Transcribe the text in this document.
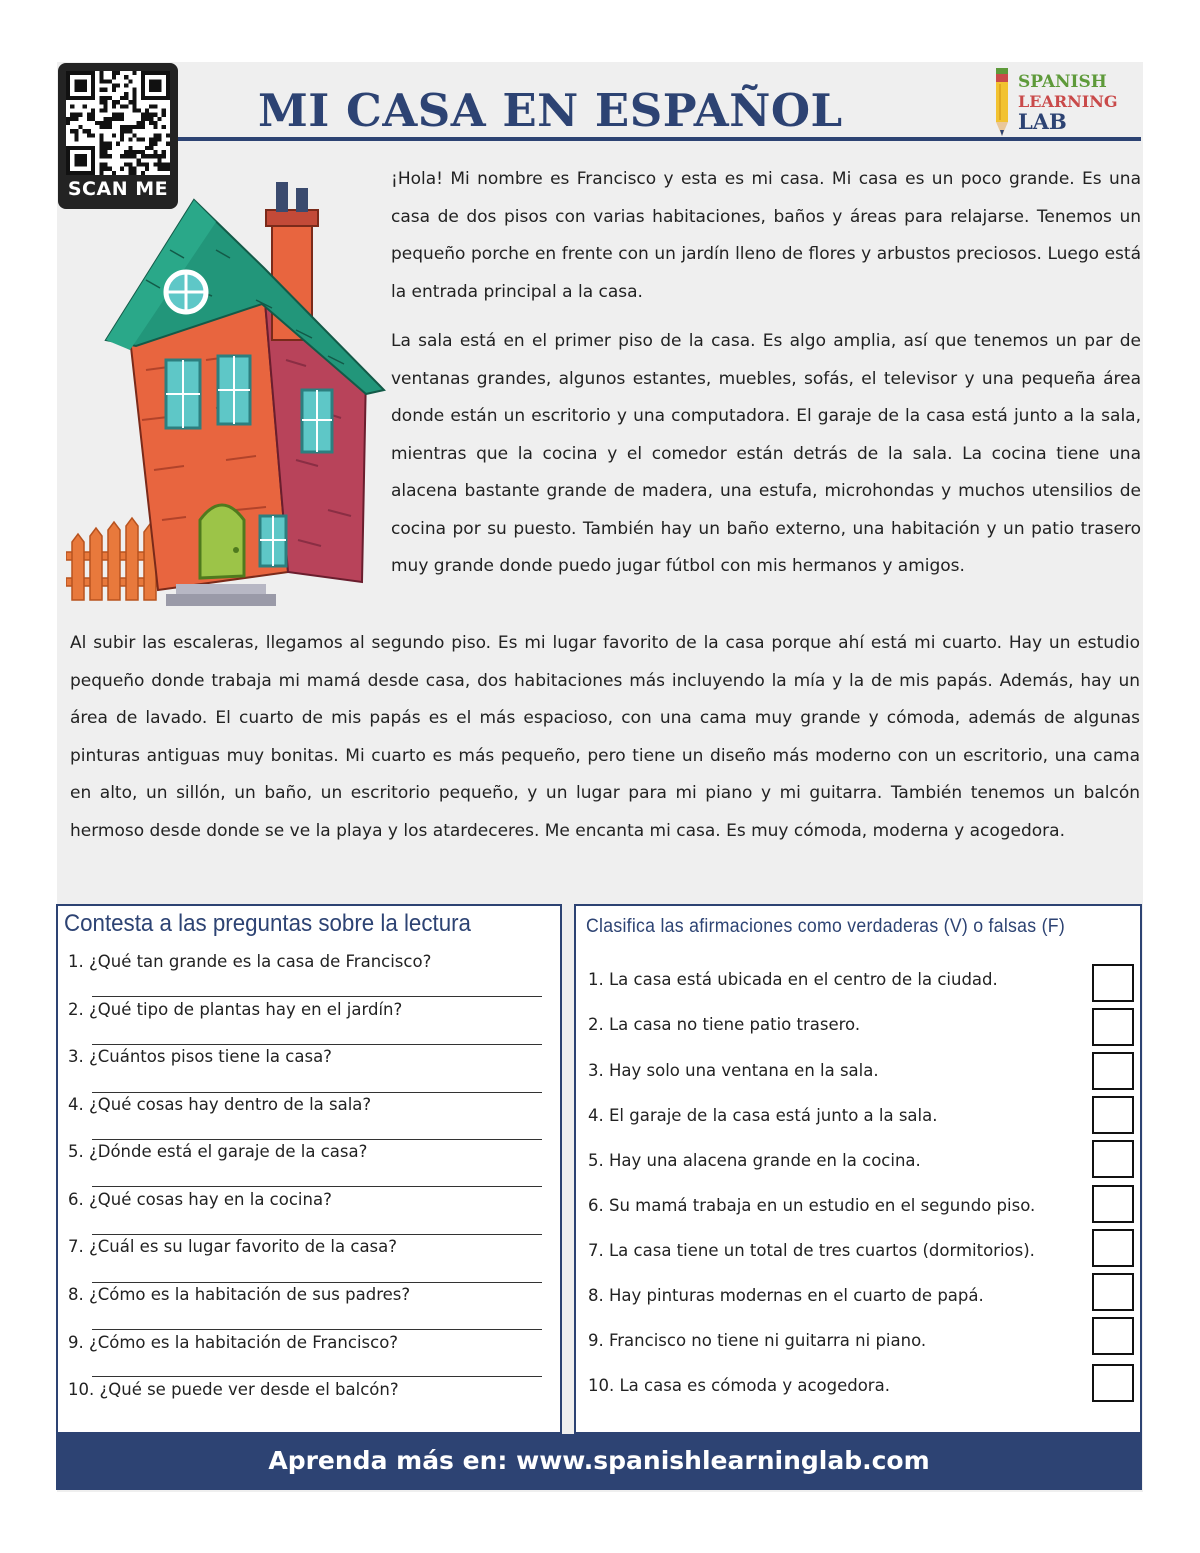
SCAN ME
MI CASA EN ESPAÑOL
SPANISH
LEARNING
LAB

¡Hola! Mi nombre es Francisco y esta es mi casa. Mi casa es un poco grande. Es una casa de dos pisos con varias habitaciones, baños y áreas para relajarse. Tenemos un pequeño porche en frente con un jardín lleno de flores y arbustos preciosos. Luego está la entrada principal a la casa.

La sala está en el primer piso de la casa. Es algo amplia, así que tenemos un par de ventanas grandes, algunos estantes, muebles, sofás, el televisor y una pequeña área donde están un escritorio y una computadora. El garaje de la casa está junto a la sala, mientras que la cocina y el comedor están detrás de la sala. La cocina tiene una alacena bastante grande de madera, una estufa, microhondas y muchos utensilios de cocina por su puesto. También hay un baño externo, una habitación y un patio trasero muy grande donde puedo jugar fútbol con mis hermanos y amigos.

Al subir las escaleras, llegamos al segundo piso. Es mi lugar favorito de la casa porque ahí está mi cuarto. Hay un estudio pequeño donde trabaja mi mamá desde casa, dos habitaciones más incluyendo la mía y la de mis papás. Además, hay un área de lavado. El cuarto de mis papás es el más espacioso, con una cama muy grande y cómoda, además de algunas pinturas antiguas muy bonitas. Mi cuarto es más pequeño, pero tiene un diseño más moderno con un escritorio, una cama en alto, un sillón, un baño, un escritorio pequeño, y un lugar para mi piano y mi guitarra. También tenemos un balcón hermoso desde donde se ve la playa y los atardeceres. Me encanta mi casa. Es muy cómoda, moderna y acogedora.

Contesta a las preguntas sobre la lectura
1. ¿Qué tan grande es la casa de Francisco?
2. ¿Qué tipo de plantas hay en el jardín?
3. ¿Cuántos pisos tiene la casa?
4. ¿Qué cosas hay dentro de la sala?
5. ¿Dónde está el garaje de la casa?
6. ¿Qué cosas hay en la cocina?
7. ¿Cuál es su lugar favorito de la casa?
8. ¿Cómo es la habitación de sus padres?
9. ¿Cómo es la habitación de Francisco?
10. ¿Qué se puede ver desde el balcón?
Clasifica las afirmaciones como verdaderas (V) o falsas (F)
1. La casa está ubicada en el centro de la ciudad.
2. La casa no tiene patio trasero.
3. Hay solo una ventana en la sala.
4. El garaje de la casa está junto a la sala.
5. Hay una alacena grande en la cocina.
6. Su mamá trabaja en un estudio en el segundo piso.
7. La casa tiene un total de tres cuartos (dormitorios).
8. Hay pinturas modernas en el cuarto de papá.
9. Francisco no tiene ni guitarra ni piano.
10. La casa es cómoda y acogedora.
Aprenda más en: www.spanishlearninglab.com
